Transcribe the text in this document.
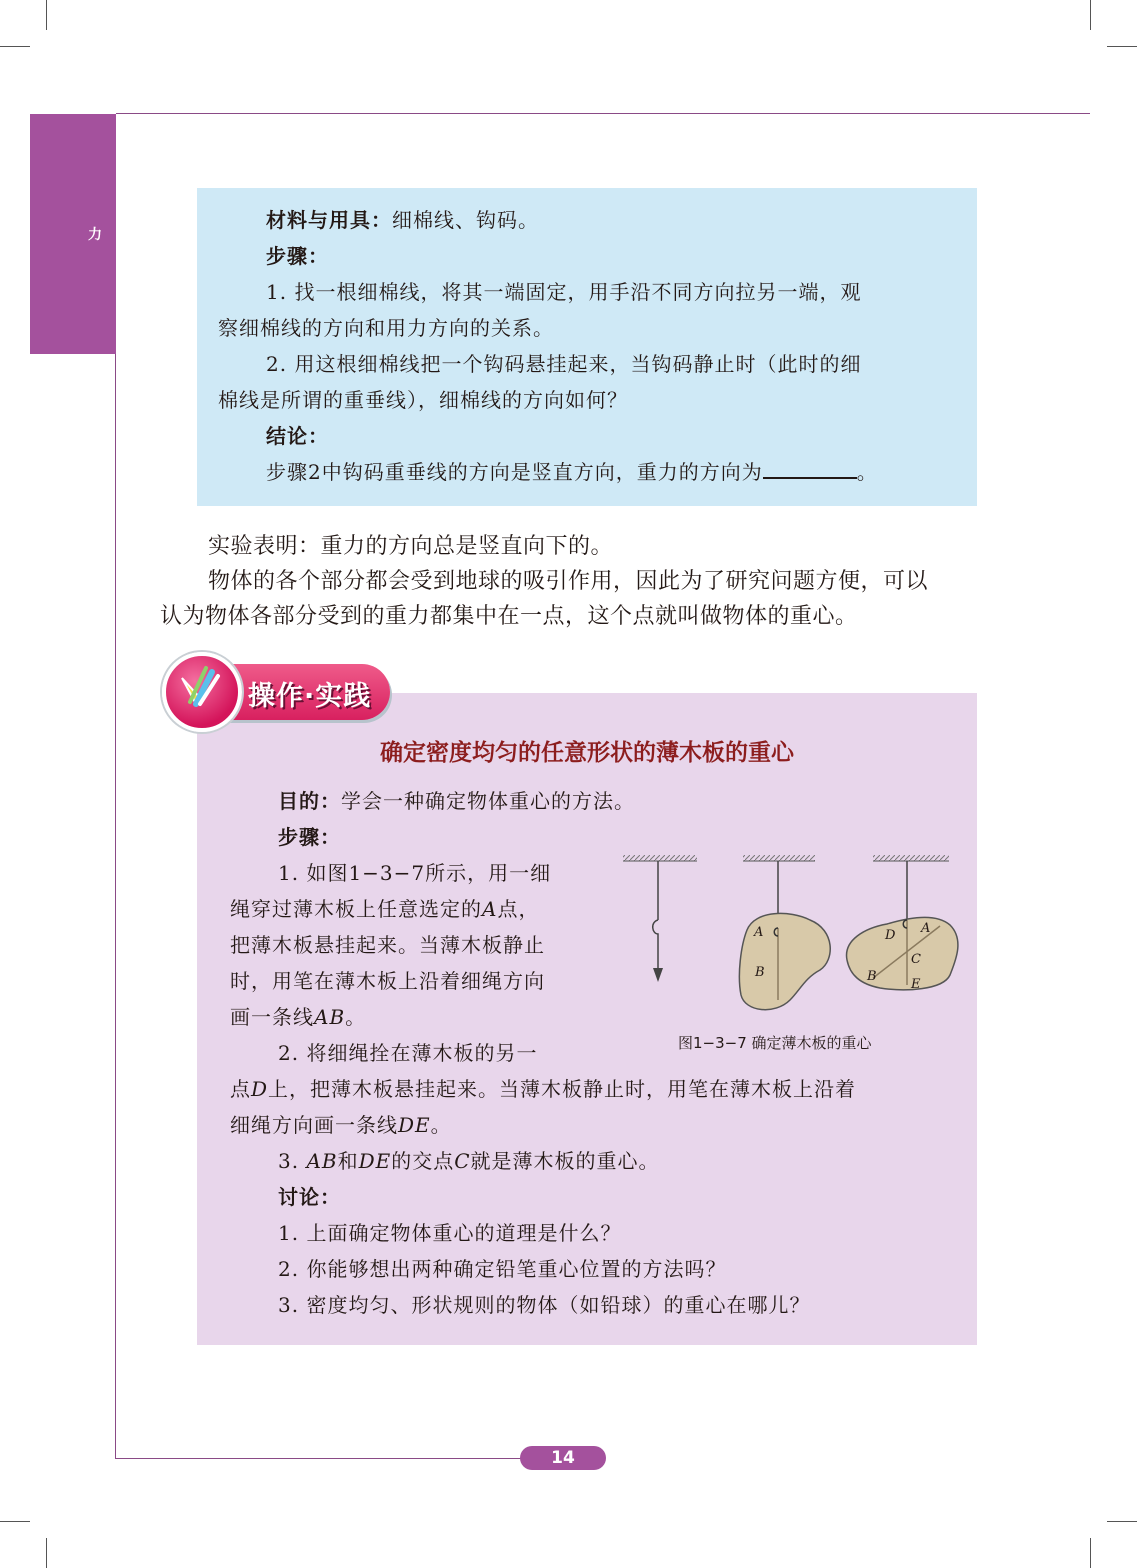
力
材料与用具：细棉线、钩码。
步骤：
1. 找一根细棉线，将其一端固定，用手沿不同方向拉另一端，观
察细棉线的方向和用力方向的关系。
2. 用这根细棉线把一个钩码悬挂起来，当钩码静止时（此时的细
棉线是所谓的重垂线），细棉线的方向如何？
结论：
步骤2中钩码重垂线的方向是竖直方向，重力的方向为	。
实验表明：重力的方向总是竖直向下的。
物体的各个部分都会受到地球的吸引作用，因此为了研究问题方便，可以
认为物体各部分受到的重力都集中在一点，这个点就叫做物体的重心。
操作·实践
确定密度均匀的任意形状的薄木板的重心
目的：学会一种确定物体重心的方法。
步骤：
1. 如图1−3−7所示，用一细
绳穿过薄木板上任意选定的A点，
把薄木板悬挂起来。当薄木板静止
时，用笔在薄木板上沿着细绳方向
画一条线AB。
2. 将细绳拴在薄木板的另一
点D上，把薄木板悬挂起来。当薄木板静止时，用笔在薄木板上沿着
细绳方向画一条线DE。
3. AB和DE的交点C就是薄木板的重心。
讨论：
1. 上面确定物体重心的道理是什么？
2. 你能够想出两种确定铅笔重心位置的方法吗？
3. 密度均匀、形状规则的物体（如铅球）的重心在哪儿？
A
B
D A
C
B
E
图1−3−7 确定薄木板的重心
14
